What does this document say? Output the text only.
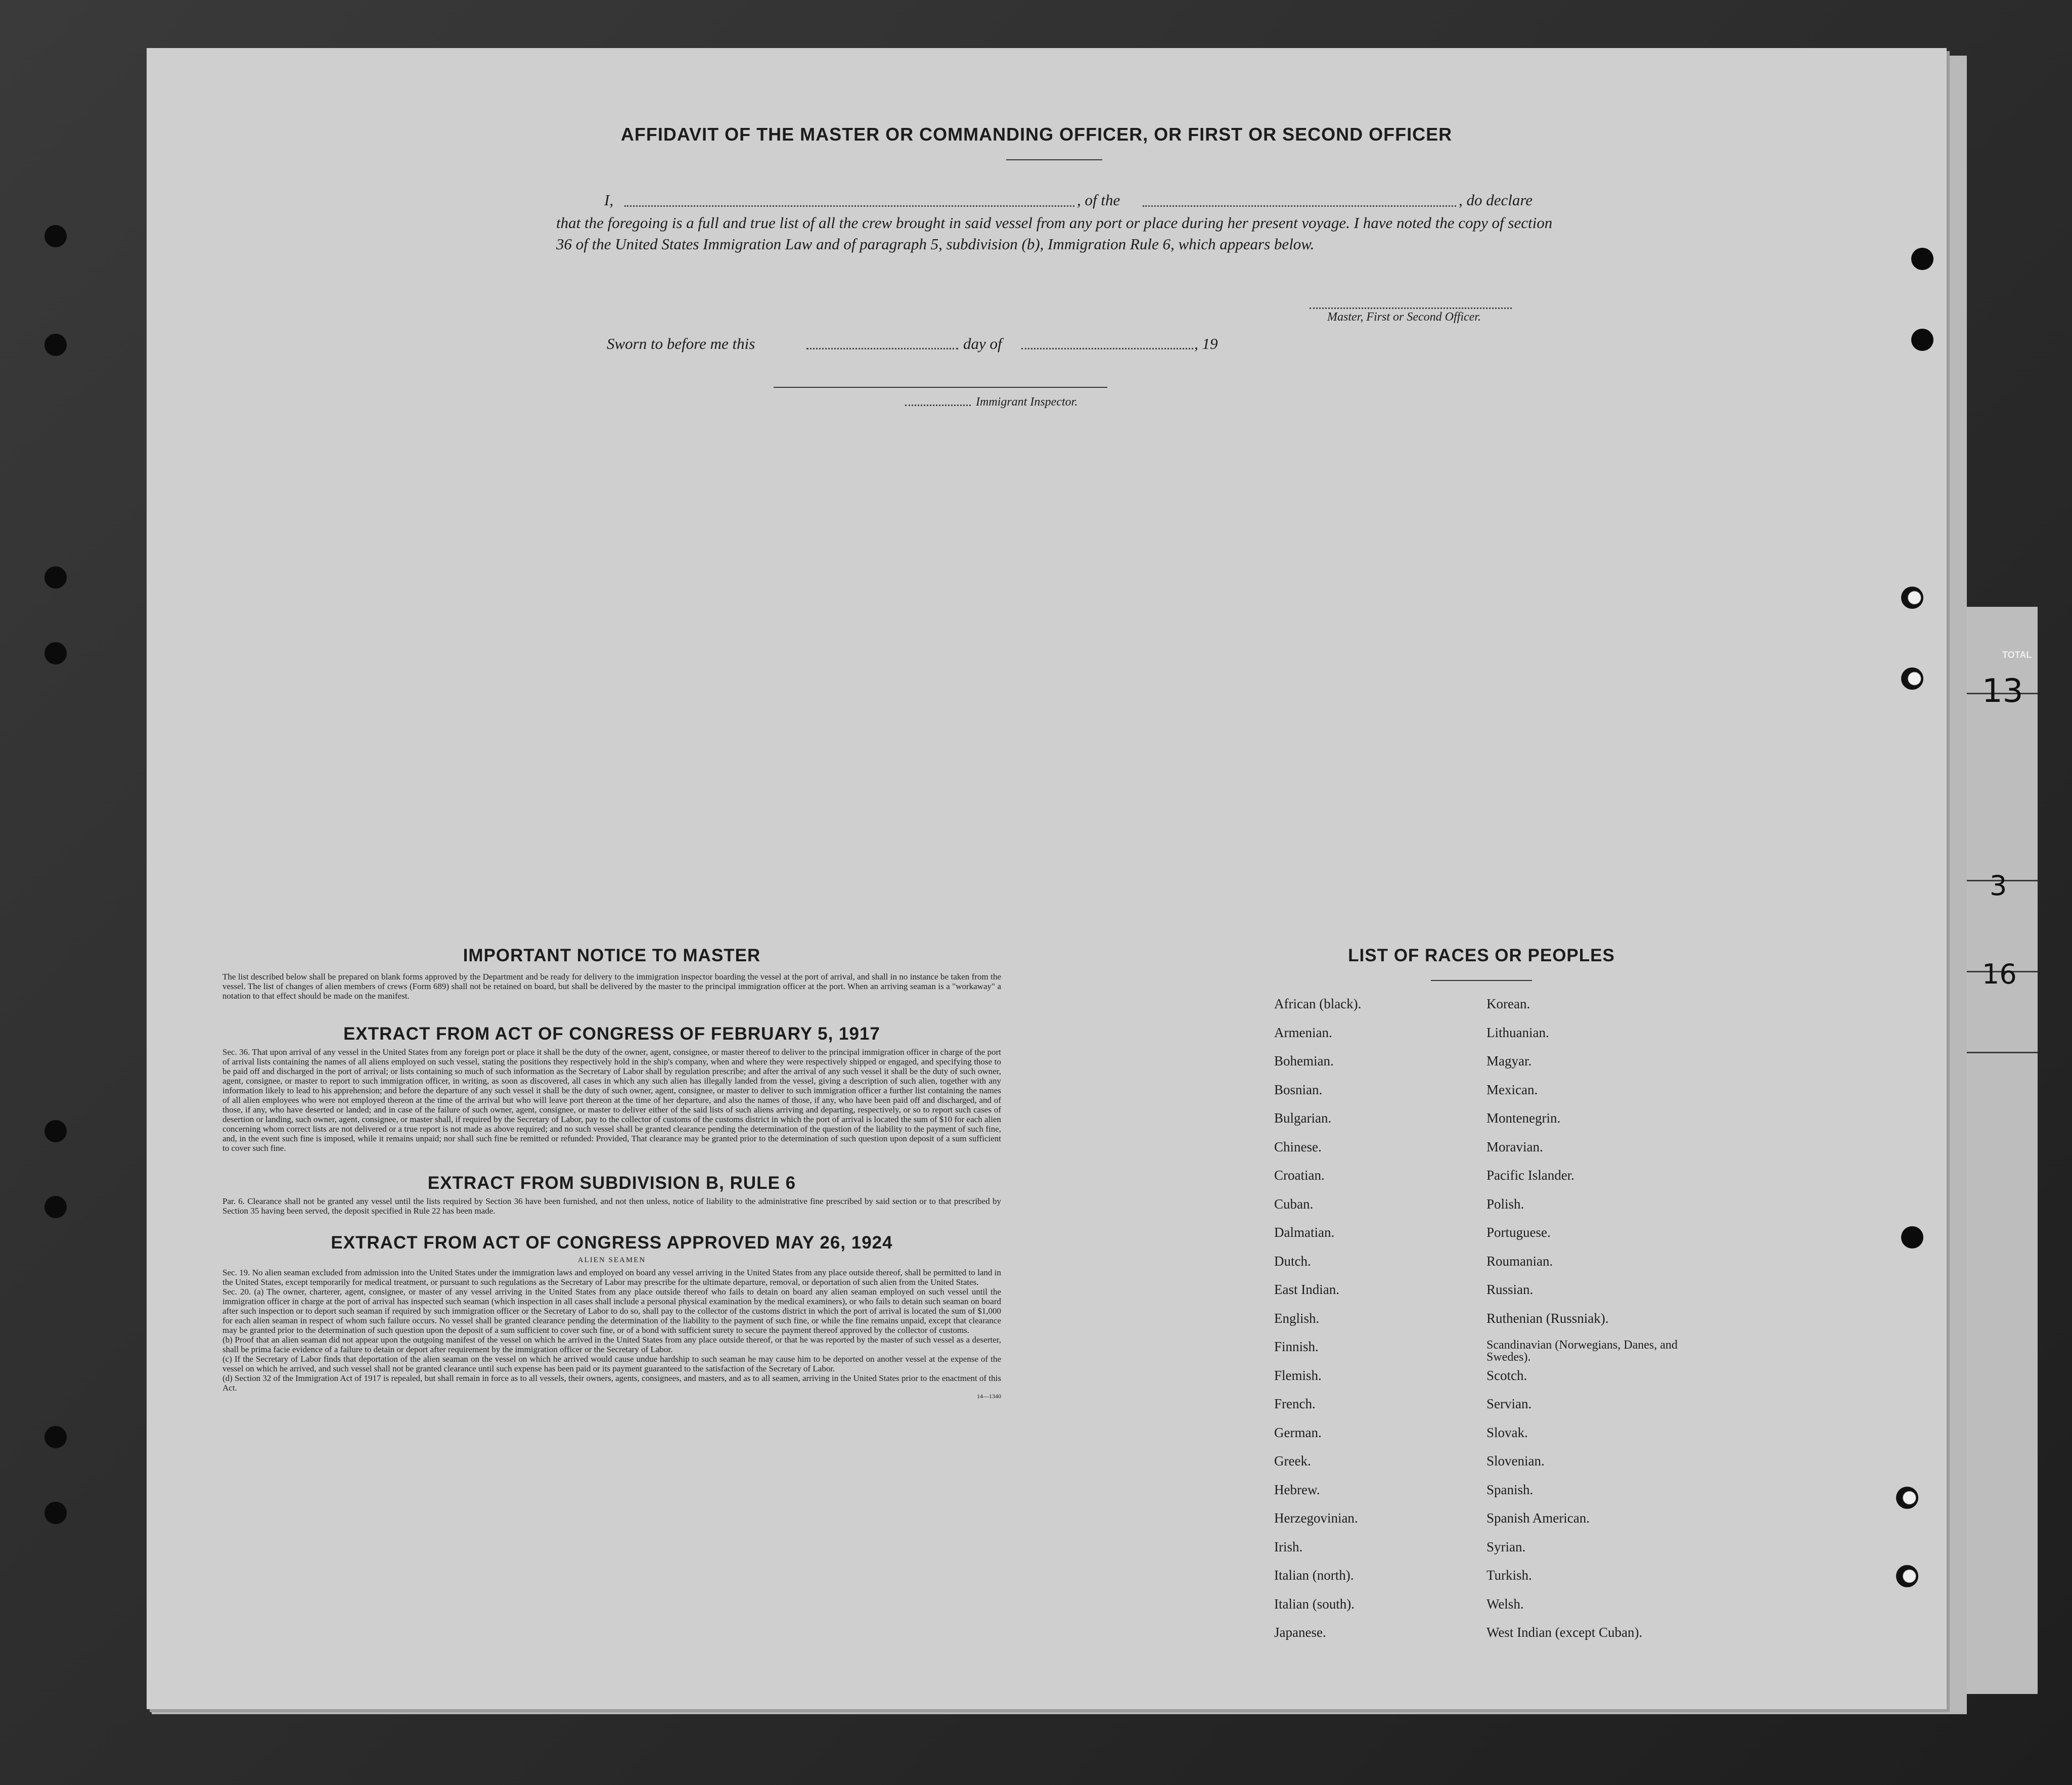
TOTAL
13
3
16
AFFIDAVIT OF THE MASTER OR COMMANDING OFFICER, OR FIRST OR SECOND OFFICER
I,	, of the	, do declare
that the foregoing is a full and true list of all the crew brought in said vessel from any port or place during her present voyage. I have noted the copy of section 36 of the United States Immigration Law and of paragraph 5, subdivision (b), Immigration Rule 6, which appears below.
Master, First or Second Officer.
Sworn to before me this	day of	, 19
Immigrant Inspector.

IMPORTANT NOTICE TO MASTER

The list described below shall be prepared on blank forms approved by the Department and be ready for delivery to the immigration inspector boarding the vessel at the port of arrival, and shall in no instance be taken from the vessel. The list of changes of alien members of crews (Form 689) shall not be retained on board, but shall be delivered by the master to the principal immigration officer at the port. When an arriving seaman is a "workaway" a notation to that effect should be made on the manifest.

EXTRACT FROM ACT OF CONGRESS OF FEBRUARY 5, 1917

Sec. 36. That upon arrival of any vessel in the United States from any foreign port or place it shall be the duty of the owner, agent, consignee, or master thereof to deliver to the principal immigration officer in charge of the port of arrival lists containing the names of all aliens employed on such vessel, stating the positions they respectively hold in the ship's company, when and where they were respectively shipped or engaged, and specifying those to be paid off and discharged in the port of arrival; or lists containing so much of such information as the Secretary of Labor shall by regulation prescribe; and after the arrival of any such vessel it shall be the duty of such owner, agent, consignee, or master to report to such immigration officer, in writing, as soon as discovered, all cases in which any such alien has illegally landed from the vessel, giving a description of such alien, together with any information likely to lead to his apprehension; and before the departure of any such vessel it shall be the duty of such owner, agent, consignee, or master to deliver to such immigration officer a further list containing the names of all alien employees who were not employed thereon at the time of the arrival but who will leave port thereon at the time of her departure, and also the names of those, if any, who have been paid off and discharged, and of those, if any, who have deserted or landed; and in case of the failure of such owner, agent, consignee, or master to deliver either of the said lists of such aliens arriving and departing, respectively, or so to report such cases of desertion or landing, such owner, agent, consignee, or master shall, if required by the Secretary of Labor, pay to the collector of customs of the customs district in which the port of arrival is located the sum of $10 for each alien concerning whom correct lists are not delivered or a true report is not made as above required; and no such vessel shall be granted clearance pending the determination of the question of the liability to the payment of such fine, and, in the event such fine is imposed, while it remains unpaid; nor shall such fine be remitted or refunded: Provided, That clearance may be granted prior to the determination of such question upon deposit of a sum sufficient to cover such fine.

EXTRACT FROM SUBDIVISION B, RULE 6

Par. 6. Clearance shall not be granted any vessel until the lists required by Section 36 have been furnished, and not then unless, notice of liability to the administrative fine prescribed by said section or to that prescribed by Section 35 having been served, the deposit specified in Rule 22 has been made.

EXTRACT FROM ACT OF CONGRESS APPROVED MAY 26, 1924

ALIEN SEAMEN

Sec. 19. No alien seaman excluded from admission into the United States under the immigration laws and employed on board any vessel arriving in the United States from any place outside thereof, shall be permitted to land in the United States, except temporarily for medical treatment, or pursuant to such regulations as the Secretary of Labor may prescribe for the ultimate departure, removal, or deportation of such alien from the United States.

Sec. 20. (a) The owner, charterer, agent, consignee, or master of any vessel arriving in the United States from any place outside thereof who fails to detain on board any alien seaman employed on such vessel until the immigration officer in charge at the port of arrival has inspected such seaman (which inspection in all cases shall include a personal physical examination by the medical examiners), or who fails to detain such seaman on board after such inspection or to deport such seaman if required by such immigration officer or the Secretary of Labor to do so, shall pay to the collector of the customs district in which the port of arrival is located the sum of $1,000 for each alien seaman in respect of whom such failure occurs. No vessel shall be granted clearance pending the determination of the liability to the payment of such fine, or while the fine remains unpaid, except that clearance may be granted prior to the determination of such question upon the deposit of a sum sufficient to cover such fine, or of a bond with sufficient surety to secure the payment thereof approved by the collector of customs.

(b) Proof that an alien seaman did not appear upon the outgoing manifest of the vessel on which he arrived in the United States from any place outside thereof, or that he was reported by the master of such vessel as a deserter, shall be prima facie evidence of a failure to detain or deport after requirement by the immigration officer or the Secretary of Labor.

(c) If the Secretary of Labor finds that deportation of the alien seaman on the vessel on which he arrived would cause undue hardship to such seaman he may cause him to be deported on another vessel at the expense of the vessel on which he arrived, and such vessel shall not be granted clearance until such expense has been paid or its payment guaranteed to the satisfaction of the Secretary of Labor.

(d) Section 32 of the Immigration Act of 1917 is repealed, but shall remain in force as to all vessels, their owners, agents, consignees, and masters, and as to all seamen, arriving in the United States prior to the enactment of this Act.

14—1340
LIST OF RACES OR PEOPLES
African (black).	Korean.
Armenian.	Lithuanian.
Bohemian.	Magyar.
Bosnian.	Mexican.
Bulgarian.	Montenegrin.
Chinese.	Moravian.
Croatian.	Pacific Islander.
Cuban.	Polish.
Dalmatian.	Portuguese.
Dutch.	Roumanian.
East Indian.	Russian.
English.	Ruthenian (Russniak).
Finnish.	Scandinavian (Norwegians, Danes, and Swedes).
Flemish.	Scotch.
French.	Servian.
German.	Slovak.
Greek.	Slovenian.
Hebrew.	Spanish.
Herzegovinian.	Spanish American.
Irish.	Syrian.
Italian (north).	Turkish.
Italian (south).	Welsh.
Japanese.	West Indian (except Cuban).
